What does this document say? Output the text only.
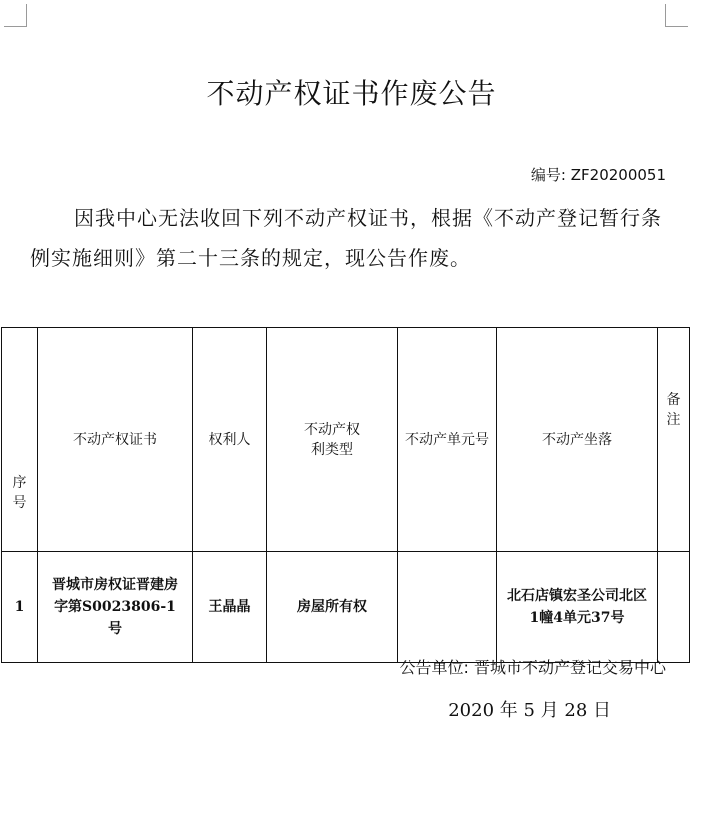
不动产权证书作废公告
编号: ZF20200051
因我中心无法收回下列不动产权证书，根据《不动产登记暂行条例实施细则》第二十三条的规定，现公告作废。
序号	不动产权证书	权利人	不动产权利类型	不动产单元号	不动产坐落	备注
1	晋城市房权证晋建房字第S0023806-1号	王晶晶	房屋所有权		北石店镇宏圣公司北区1幢4单元37号	
公告单位: 晋城市不动产登记交易中心
2020 年 5 月 28 日
